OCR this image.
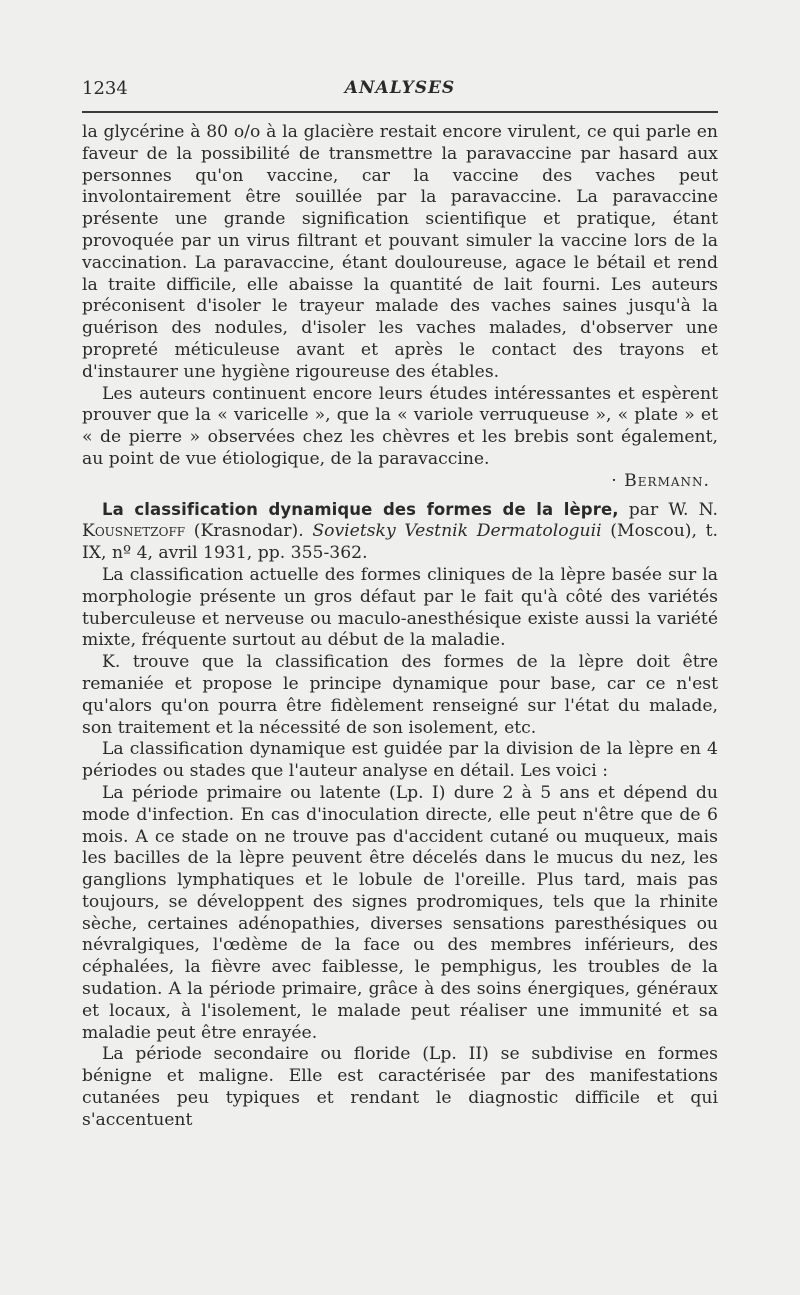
1234	ANALYSES

la glycérine à 80 o/o à la glacière restait encore virulent, ce qui parle en faveur de la possibilité de transmettre la paravaccine par hasard aux personnes qu'on vaccine, car la vaccine des vaches peut involontairement être souillée par la paravaccine. La paravaccine présente une grande signification scientifique et pratique, étant provoquée par un virus filtrant et pouvant simuler la vaccine lors de la vaccination. La paravaccine, étant douloureuse, agace le bétail et rend la traite difficile, elle abaisse la quantité de lait fourni. Les auteurs préconisent d'isoler le trayeur malade des vaches saines jusqu'à la guérison des nodules, d'isoler les vaches malades, d'observer une propreté méticuleuse avant et après le contact des trayons et d'instaurer une hygiène rigoureuse des étables.

Les auteurs continuent encore leurs études intéressantes et espèrent prouver que la « varicelle », que la « variole verruqueuse », « plate » et « de pierre » observées chez les chèvres et les brebis sont également, au point de vue étiologique, de la paravaccine.

· Bermann.

La classification dynamique des formes de la lèpre, par W. N. Kousnetzoff (Krasnodar). Sovietsky Vestnik Dermatologuii (Moscou), t. IX, nº 4, avril 1931, pp. 355-362.

La classification actuelle des formes cliniques de la lèpre basée sur la morphologie présente un gros défaut par le fait qu'à côté des variétés tuberculeuse et nerveuse ou maculo-anesthésique existe aussi la variété mixte, fréquente surtout au début de la maladie.

K. trouve que la classification des formes de la lèpre doit être remaniée et propose le principe dynamique pour base, car ce n'est qu'alors qu'on pourra être fidèlement renseigné sur l'état du malade, son traitement et la nécessité de son isolement, etc.

La classification dynamique est guidée par la division de la lèpre en 4 périodes ou stades que l'auteur analyse en détail. Les voici :

La période primaire ou latente (Lp. I) dure 2 à 5 ans et dépend du mode d'infection. En cas d'inoculation directe, elle peut n'être que de 6 mois. A ce stade on ne trouve pas d'accident cutané ou muqueux, mais les bacilles de la lèpre peuvent être décelés dans le mucus du nez, les ganglions lymphatiques et le lobule de l'oreille. Plus tard, mais pas toujours, se développent des signes prodromiques, tels que la rhinite sèche, certaines adénopathies, diverses sensations paresthésiques ou névralgiques, l'œdème de la face ou des membres inférieurs, des céphalées, la fièvre avec faiblesse, le pemphigus, les troubles de la sudation. A la période primaire, grâce à des soins énergiques, généraux et locaux, à l'isolement, le malade peut réaliser une immunité et sa maladie peut être enrayée.

La période secondaire ou floride (Lp. II) se subdivise en formes bénigne et maligne. Elle est caractérisée par des manifestations cutanées peu typiques et rendant le diagnostic difficile et qui s'accentuent
